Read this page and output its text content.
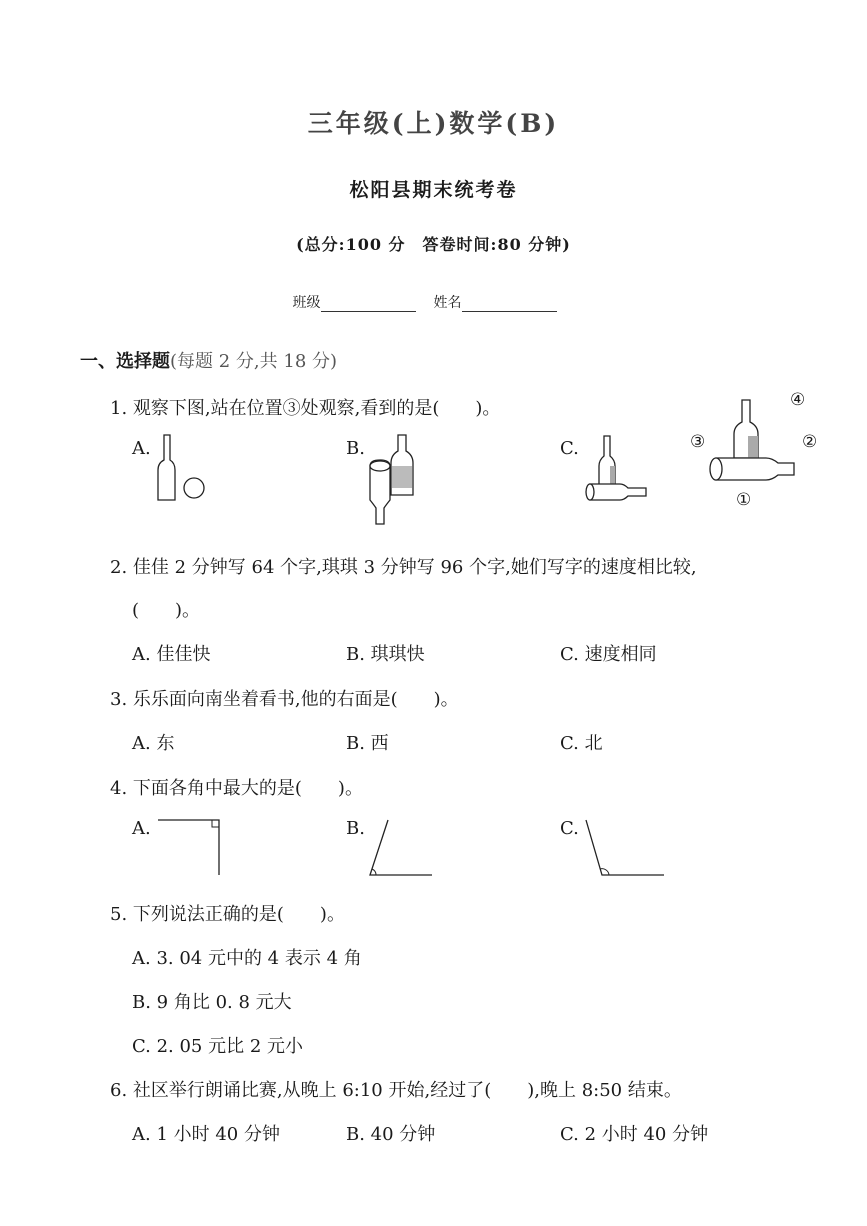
三年级(上)数学(B)
松阳县期末统考卷
(总分:100 分　答卷时间:80 分钟)
班级	姓名
一、选择题(每题 2 分,共 18 分)
1. 观察下图,站在位置③处观察,看到的是(　　)。
A.	B.	C.
④
②
③
①
2. 佳佳 2 分钟写 64 个字,琪琪 3 分钟写 96 个字,她们写字的速度相比较,
(　　)。
A. 佳佳快	B. 琪琪快	C. 速度相同
3. 乐乐面向南坐着看书,他的右面是(　　)。
A. 东	B. 西	C. 北
4. 下面各角中最大的是(　　)。
A.	B.	C.
5. 下列说法正确的是(　　)。
A. 3. 04 元中的 4 表示 4 角
B. 9 角比 0. 8 元大
C. 2. 05 元比 2 元小
6. 社区举行朗诵比赛,从晚上 6:10 开始,经过了(　　),晚上 8:50 结束。
A. 1 小时 40 分钟	B. 40 分钟	C. 2 小时 40 分钟
